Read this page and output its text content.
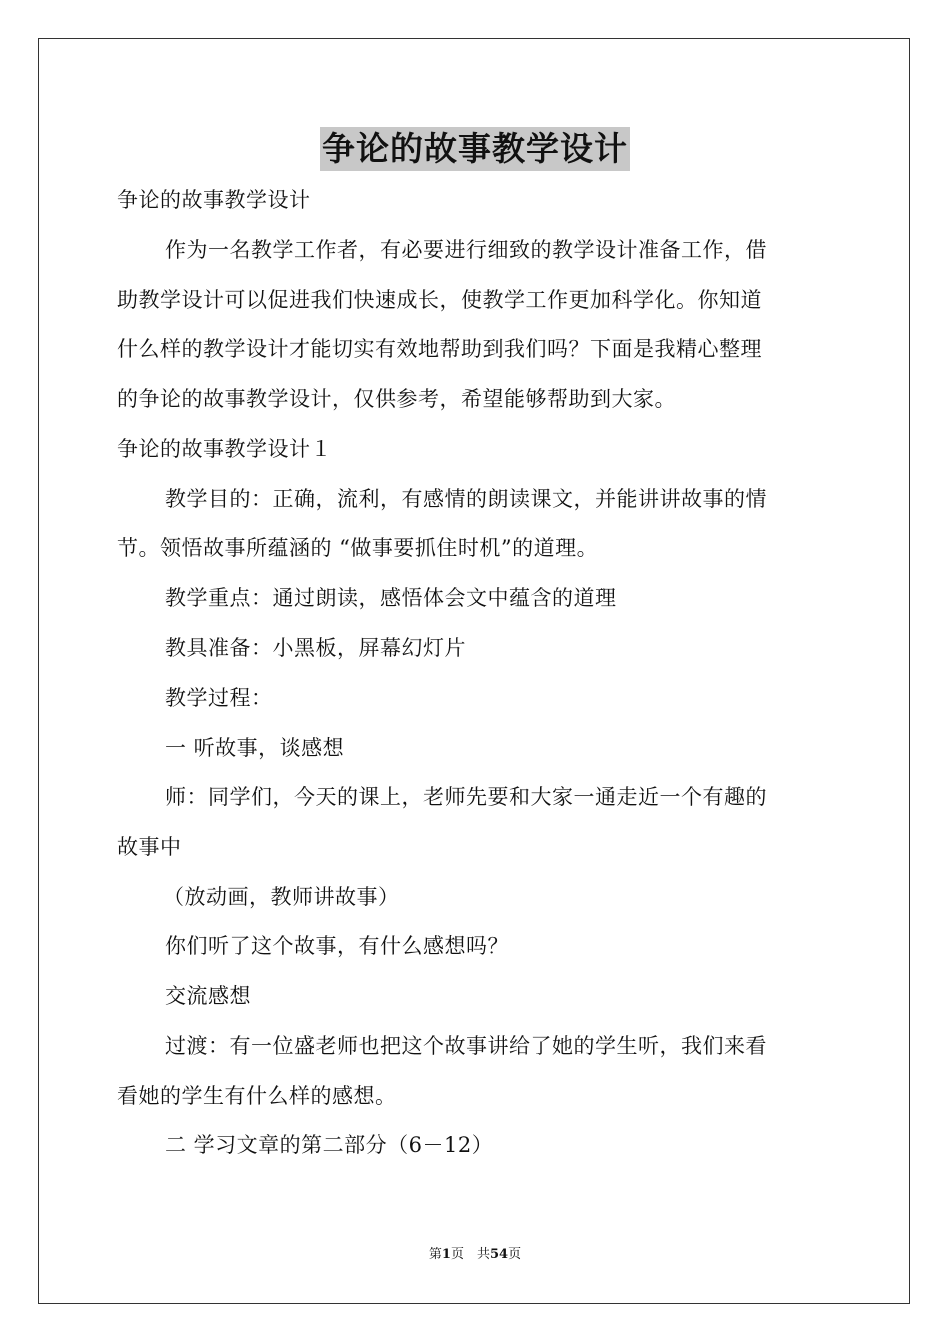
争论的故事教学设计
争论的故事教学设计
作为一名教学工作者，有必要进行细致的教学设计准备工作，借
助教学设计可以促进我们快速成长，使教学工作更加科学化。你知道
什么样的教学设计才能切实有效地帮助到我们吗？下面是我精心整理
的争论的故事教学设计，仅供参考，希望能够帮助到大家。
争论的故事教学设计１
教学目的：正确，流利，有感情的朗读课文，并能讲讲故事的情
节。领悟故事所蕴涵的 “做事要抓住时机”的道理。
教学重点：通过朗读，感悟体会文中蕴含的道理
教具准备：小黑板，屏幕幻灯片
教学过程：
一 听故事，谈感想
师：同学们，今天的课上，老师先要和大家一通走近一个有趣的
故事中
（放动画，教师讲故事）
你们听了这个故事，有什么感想吗？
交流感想
过渡：有一位盛老师也把这个故事讲给了她的学生听，我们来看
看她的学生有什么样的感想。
二 学习文章的第二部分（6－12）
第1页　共54页
